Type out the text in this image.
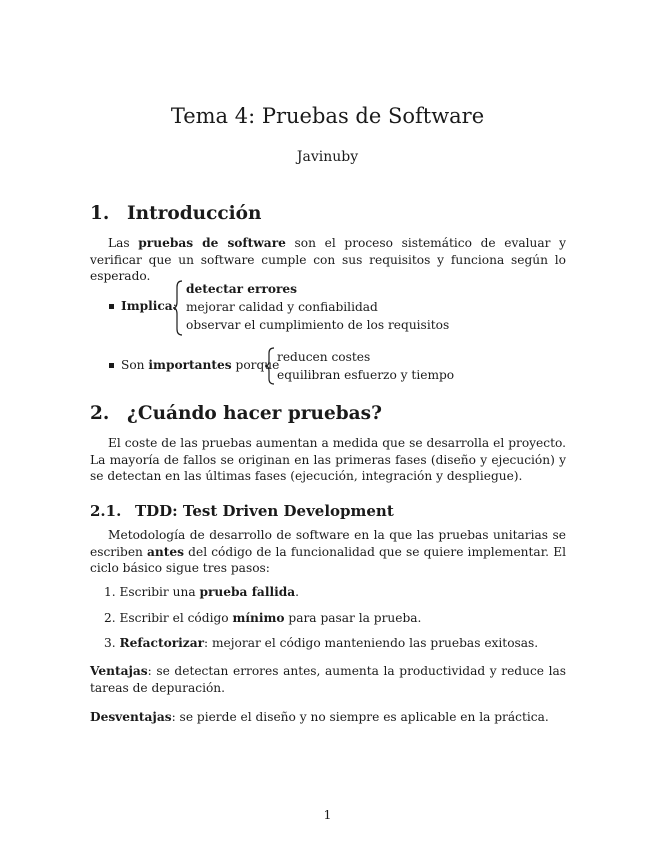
Tema 4: Pruebas de Software
Javinuby
1. Introducción
Las pruebas de software son el proceso sistemático de evaluar y verificar que un software cumple con sus requisitos y funciona según lo esperado.
Implica:
detectar errores
mejorar calidad y confiabilidad
observar el cumplimiento de los requisitos
Son importantes porque
reducen costes
equilibran esfuerzo y tiempo
2. ¿Cuándo hacer pruebas?
El coste de las pruebas aumentan a medida que se desarrolla el proyecto. La mayoría de fallos se originan en las primeras fases (diseño y ejecución) y se detectan en las últimas fases (ejecución, integración y despliegue).
2.1. TDD: Test Driven Development
Metodología de desarrollo de software en la que las pruebas unitarias se escriben antes del código de la funcionalidad que se quiere implementar. El ciclo básico sigue tres pasos:
1. Escribir una prueba fallida.
2. Escribir el código mínimo para pasar la prueba.
3. Refactorizar: mejorar el código manteniendo las pruebas exitosas.
Ventajas: se detectan errores antes, aumenta la productividad y reduce las tareas de depuración.
Desventajas: se pierde el diseño y no siempre es aplicable en la práctica.
1
